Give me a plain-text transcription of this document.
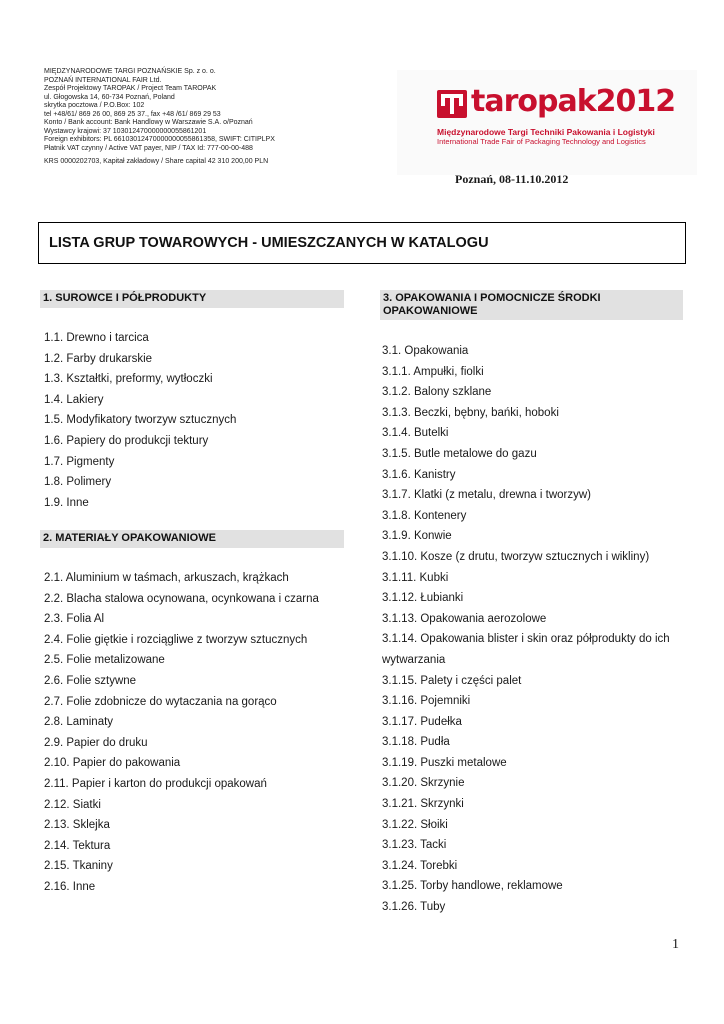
MIĘDZYNARODOWE TARGI POZNAŃSKIE Sp. z o. o.
POZNAŃ INTERNATIONAL FAIR Ltd.
Zespół Projektowy TAROPAK / Project Team TAROPAK
ul. Głogowska 14, 60-734 Poznań, Poland
skrytka pocztowa / P.O.Box: 102
tel +48/61/ 869 26 00, 869 25 37., fax +48 /61/ 869 29 53
Konto / Bank account: Bank Handlowy w Warszawie S.A. o/Poznań
Wystawcy krajowi: 37 103012470000000055861201
Foreign exhibitors: PL 66103012470000000055861358, SWIFT: CITIPLPX
Płatnik VAT czynny / Active VAT payer, NIP / TAX Id: 777-00-00-488
KRS 0000202703, Kapitał zakładowy / Share capital 42 310 200,00 PLN
taropak2012
Międzynarodowe Targi Techniki Pakowania i Logistyki
International Trade Fair of Packaging Technology and Logistics
Poznań, 08-11.10.2012
LISTA GRUP TOWAROWYCH - UMIESZCZANYCH W KATALOGU
1. SUROWCE I PÓŁPRODUKTY
1.1. Drewno i tarcica
1.2. Farby drukarskie
1.3. Kształtki, preformy, wytłoczki
1.4. Lakiery
1.5. Modyfikatory tworzyw sztucznych
1.6. Papiery do produkcji tektury
1.7. Pigmenty
1.8. Polimery
1.9. Inne
2. MATERIAŁY OPAKOWANIOWE
2.1. Aluminium w taśmach, arkuszach, krążkach
2.2. Blacha stalowa ocynowana, ocynkowana i czarna
2.3. Folia Al
2.4. Folie giętkie i rozciągliwe z tworzyw sztucznych
2.5. Folie metalizowane
2.6. Folie sztywne
2.7. Folie zdobnicze do wytaczania na gorąco
2.8. Laminaty
2.9. Papier do druku
2.10. Papier do pakowania
2.11. Papier i karton do produkcji opakowań
2.12. Siatki
2.13. Sklejka
2.14. Tektura
2.15. Tkaniny
2.16. Inne
3. OPAKOWANIA I POMOCNICZE ŚRODKI OPAKOWANIOWE
3.1. Opakowania
3.1.1. Ampułki, fiolki
3.1.2. Balony szklane
3.1.3. Beczki, bębny, bańki, hoboki
3.1.4. Butelki
3.1.5. Butle metalowe do gazu
3.1.6. Kanistry
3.1.7. Klatki (z metalu, drewna i tworzyw)
3.1.8. Kontenery
3.1.9. Konwie
3.1.10. Kosze (z drutu, tworzyw sztucznych i wikliny)
3.1.11. Kubki
3.1.12. Łubianki
3.1.13. Opakowania aerozolowe
3.1.14. Opakowania blister i skin oraz półprodukty do ich wytwarzania
3.1.15. Palety i części palet
3.1.16. Pojemniki
3.1.17. Pudełka
3.1.18. Pudła
3.1.19. Puszki metalowe
3.1.20. Skrzynie
3.1.21. Skrzynki
3.1.22. Słoiki
3.1.23. Tacki
3.1.24. Torebki
3.1.25. Torby handlowe, reklamowe
3.1.26. Tuby
1
